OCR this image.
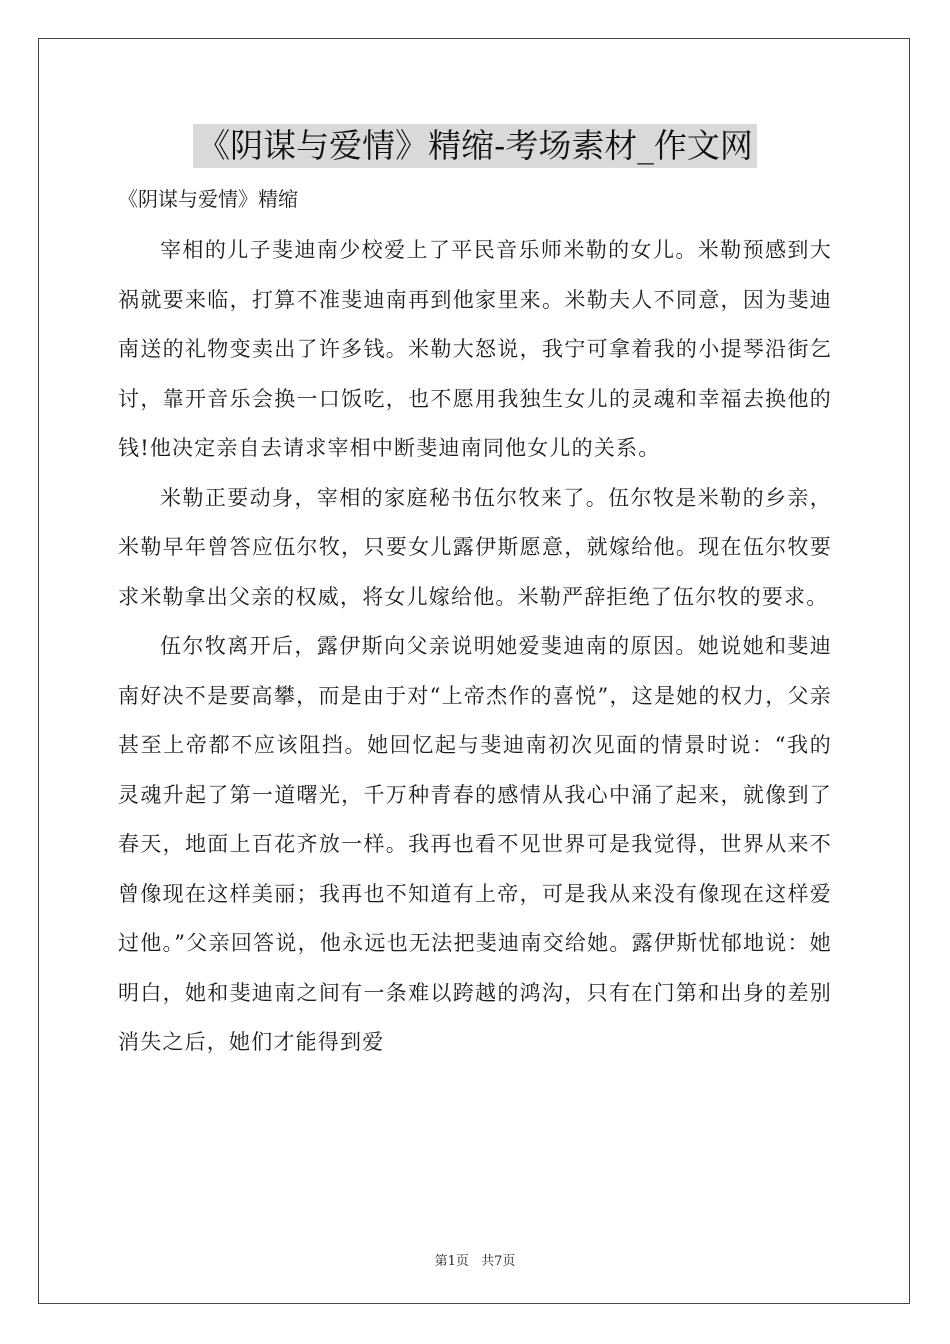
《阴谋与爱情》精缩-考场素材_作文网
《阴谋与爱情》精缩

宰相的儿子斐迪南少校爱上了平民音乐师米勒的女儿。米勒预感到大祸就要来临，打算不准斐迪南再到他家里来。米勒夫人不同意，因为斐迪南送的礼物变卖出了许多钱。米勒大怒说，我宁可拿着我的小提琴沿街乞讨，靠开音乐会换一口饭吃，也不愿用我独生女儿的灵魂和幸福去换他的钱!他决定亲自去请求宰相中断斐迪南同他女儿的关系。

米勒正要动身，宰相的家庭秘书伍尔牧来了。伍尔牧是米勒的乡亲，米勒早年曾答应伍尔牧，只要女儿露伊斯愿意，就嫁给他。现在伍尔牧要求米勒拿出父亲的权威，将女儿嫁给他。米勒严辞拒绝了伍尔牧的要求。

伍尔牧离开后，露伊斯向父亲说明她爱斐迪南的原因。她说她和斐迪南好决不是要高攀，而是由于对“上帝杰作的喜悦”，这是她的权力，父亲甚至上帝都不应该阻挡。她回忆起与斐迪南初次见面的情景时说：“我的灵魂升起了第一道曙光，千万种青春的感情从我心中涌了起来，就像到了春天，地面上百花齐放一样。我再也看不见世界可是我觉得，世界从来不曾像现在这样美丽；我再也不知道有上帝，可是我从来没有像现在这样爱过他。”父亲回答说，他永远也无法把斐迪南交给她。露伊斯忧郁地说：她明白，她和斐迪南之间有一条难以跨越的鸿沟，只有在门第和出身的差别消失之后，她们才能得到爱

第1页 共7页
